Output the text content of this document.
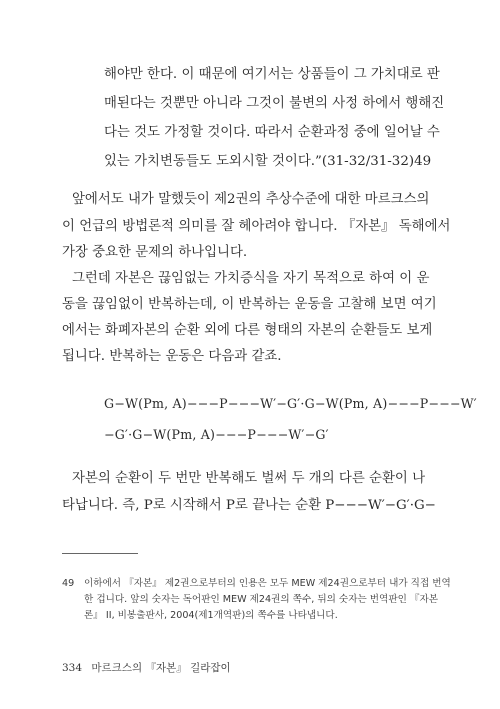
해야만 한다. 이 때문에 여기서는 상품들이 그 가치대로 판
매된다는 것뿐만 아니라 그것이 불변의 사정 하에서 행해진
다는 것도 가정할 것이다. 따라서 순환과정 중에 일어날 수
있는 가치변동들도 도외시할 것이다.”(31-32/31-32)49
앞에서도 내가 말했듯이 제2권의 추상수준에 대한 마르크스의
이 언급의 방법론적 의미를 잘 헤아려야 합니다. 『자본』 독해에서
가장 중요한 문제의 하나입니다.
그런데 자본은 끊임없는 가치증식을 자기 목적으로 하여 이 운
동을 끊임없이 반복하는데, 이 반복하는 운동을 고찰해 보면 여기
에서는 화폐자본의 순환 외에 다른 형태의 자본의 순환들도 보게
됩니다. 반복하는 운동은 다음과 같죠.
G−W(Pm, A)−−−P−−−W′−G′·G−W(Pm, A)−−−P−−−W′
−G′·G−W(Pm, A)−−−P−−−W′−G′
자본의 순환이 두 번만 반복해도 벌써 두 개의 다른 순환이 나
타납니다. 즉, P로 시작해서 P로 끝나는 순환 P−−−W′−G′·G−
49 이하에서 『자본』 제2권으로부터의 인용은 모두 MEW 제24권으로부터 내가 직접 번역
한 겁니다. 앞의 숫자는 독어판인 MEW 제24권의 쪽수, 뒤의 숫자는 번역판인 『자본
론』 II, 비봉출판사, 2004(제1개역판)의 쪽수를 나타냅니다.
334 마르크스의 『자본』 길라잡이
